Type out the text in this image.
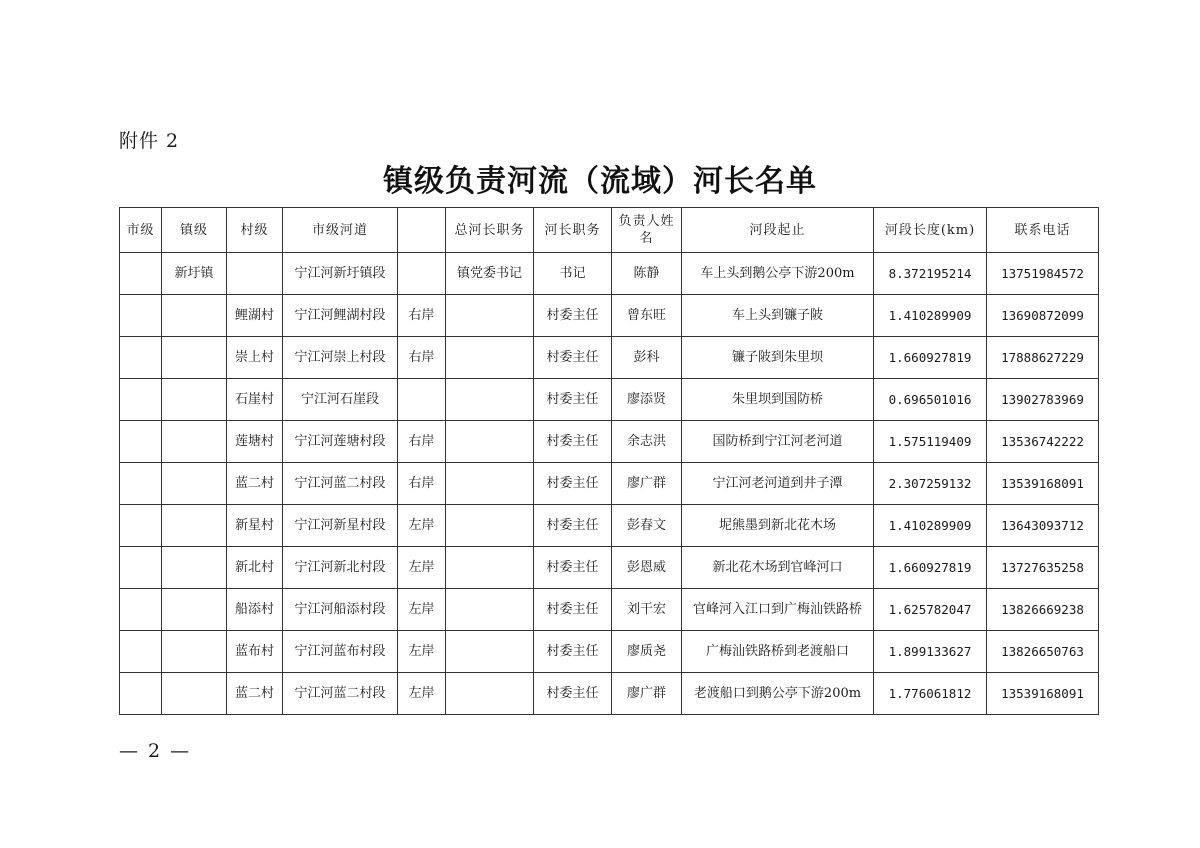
附件 2
镇级负责河流（流域）河长名单
市级	镇级	村级	市级河道		总河长职务	河长职务	负责人姓名	河段起止	河段长度(km)	联系电话
	新圩镇		宁江河新圩镇段		镇党委书记	书记	陈静	车上头到鹅公亭下游200m	8.372195214	13751984572
		鲤湖村	宁江河鲤湖村段	右岸		村委主任	曾东旺	车上头到镰子陂	1.410289909	13690872099
		崇上村	宁江河崇上村段	右岸		村委主任	彭科	镰子陂到朱里坝	1.660927819	17888627229
		石崖村	宁江河石崖段			村委主任	廖添贤	朱里坝到国防桥	0.696501016	13902783969
		莲塘村	宁江河莲塘村段	右岸		村委主任	余志洪	国防桥到宁江河老河道	1.575119409	13536742222
		蓝二村	宁江河蓝二村段	右岸		村委主任	廖广群	宁江河老河道到井子潭	2.307259132	13539168091
		新星村	宁江河新星村段	左岸		村委主任	彭春文	坭熊墨到新北花木场	1.410289909	13643093712
		新北村	宁江河新北村段	左岸		村委主任	彭恩威	新北花木场到官峰河口	1.660927819	13727635258
		船添村	宁江河船添村段	左岸		村委主任	刘干宏	官峰河入江口到广梅汕铁路桥	1.625782047	13826669238
		蓝布村	宁江河蓝布村段	左岸		村委主任	廖质尧	广梅汕铁路桥到老渡船口	1.899133627	13826650763
		蓝二村	宁江河蓝二村段	左岸		村委主任	廖广群	老渡船口到鹅公亭下游200m	1.776061812	13539168091
— 2 —
